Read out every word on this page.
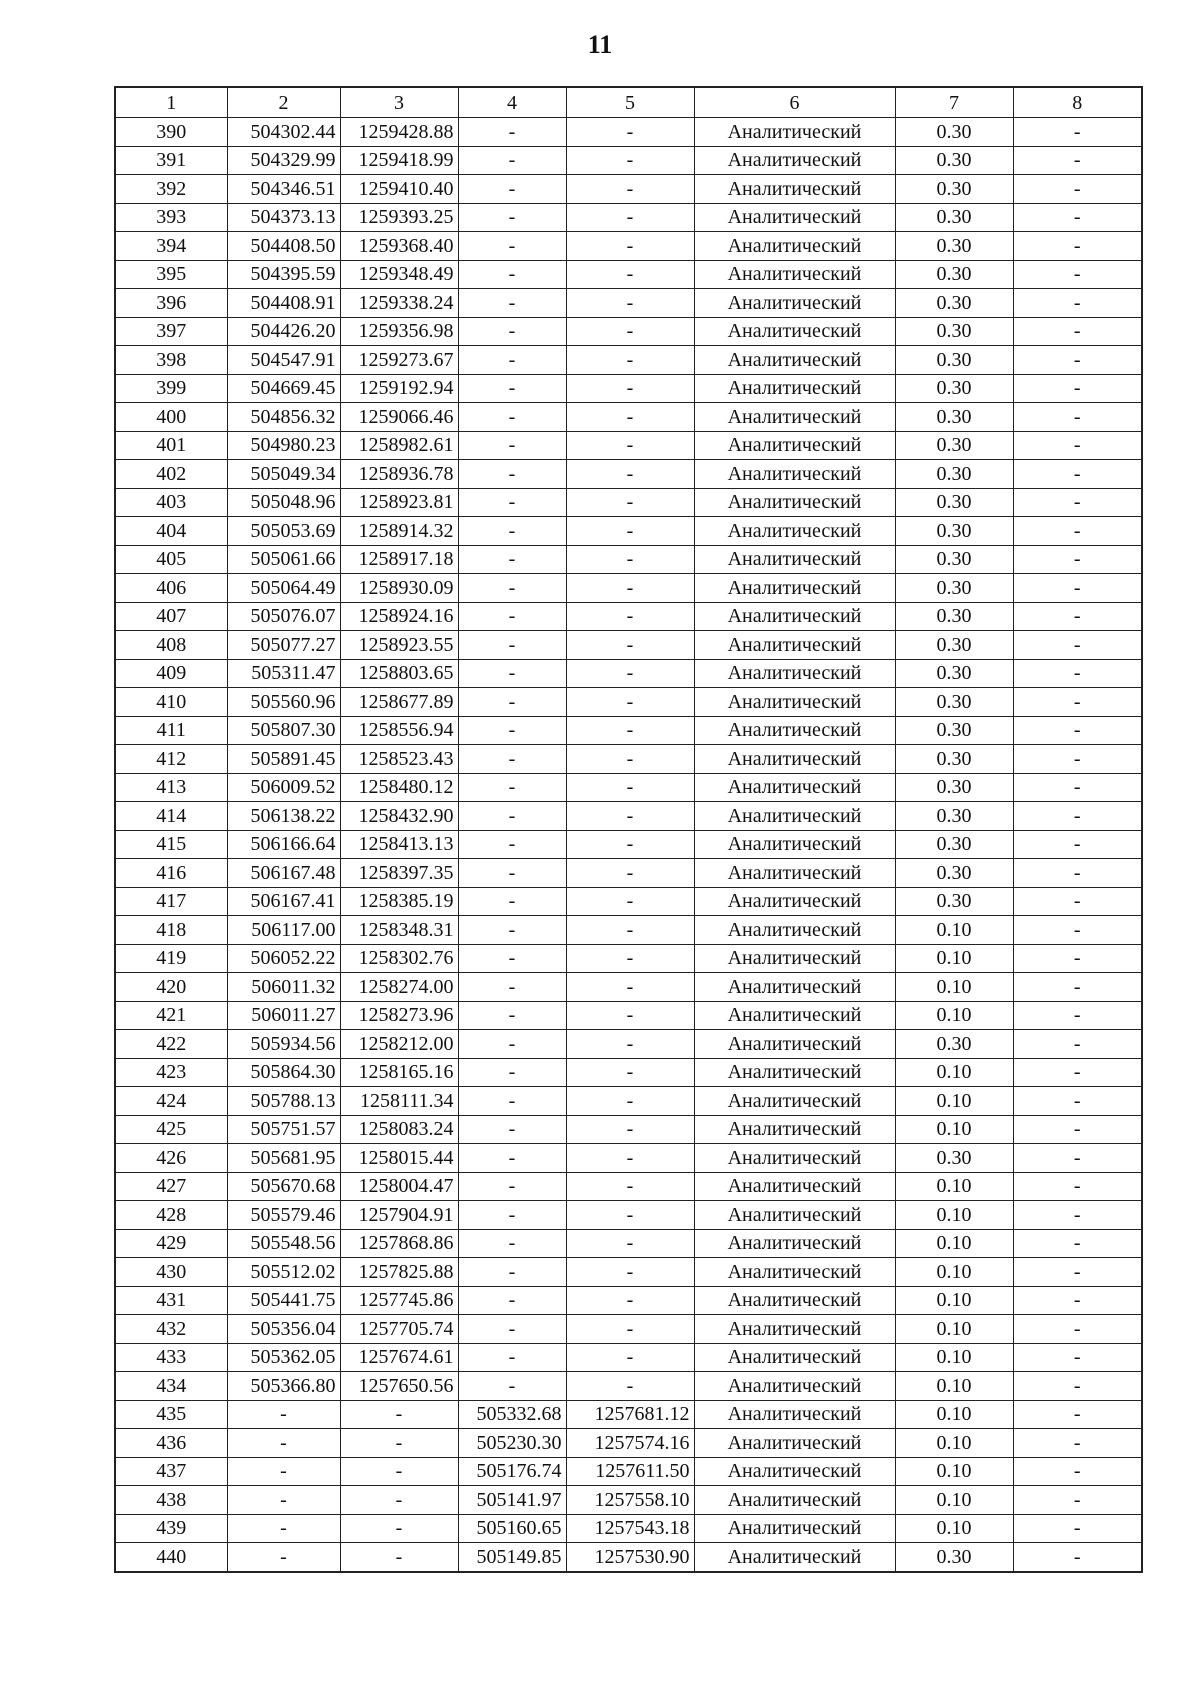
11
1	2	3	4	5	6	7	8
390	504302.44	1259428.88	-	-	Аналитический	0.30	-
391	504329.99	1259418.99	-	-	Аналитический	0.30	-
392	504346.51	1259410.40	-	-	Аналитический	0.30	-
393	504373.13	1259393.25	-	-	Аналитический	0.30	-
394	504408.50	1259368.40	-	-	Аналитический	0.30	-
395	504395.59	1259348.49	-	-	Аналитический	0.30	-
396	504408.91	1259338.24	-	-	Аналитический	0.30	-
397	504426.20	1259356.98	-	-	Аналитический	0.30	-
398	504547.91	1259273.67	-	-	Аналитический	0.30	-
399	504669.45	1259192.94	-	-	Аналитический	0.30	-
400	504856.32	1259066.46	-	-	Аналитический	0.30	-
401	504980.23	1258982.61	-	-	Аналитический	0.30	-
402	505049.34	1258936.78	-	-	Аналитический	0.30	-
403	505048.96	1258923.81	-	-	Аналитический	0.30	-
404	505053.69	1258914.32	-	-	Аналитический	0.30	-
405	505061.66	1258917.18	-	-	Аналитический	0.30	-
406	505064.49	1258930.09	-	-	Аналитический	0.30	-
407	505076.07	1258924.16	-	-	Аналитический	0.30	-
408	505077.27	1258923.55	-	-	Аналитический	0.30	-
409	505311.47	1258803.65	-	-	Аналитический	0.30	-
410	505560.96	1258677.89	-	-	Аналитический	0.30	-
411	505807.30	1258556.94	-	-	Аналитический	0.30	-
412	505891.45	1258523.43	-	-	Аналитический	0.30	-
413	506009.52	1258480.12	-	-	Аналитический	0.30	-
414	506138.22	1258432.90	-	-	Аналитический	0.30	-
415	506166.64	1258413.13	-	-	Аналитический	0.30	-
416	506167.48	1258397.35	-	-	Аналитический	0.30	-
417	506167.41	1258385.19	-	-	Аналитический	0.30	-
418	506117.00	1258348.31	-	-	Аналитический	0.10	-
419	506052.22	1258302.76	-	-	Аналитический	0.10	-
420	506011.32	1258274.00	-	-	Аналитический	0.10	-
421	506011.27	1258273.96	-	-	Аналитический	0.10	-
422	505934.56	1258212.00	-	-	Аналитический	0.30	-
423	505864.30	1258165.16	-	-	Аналитический	0.10	-
424	505788.13	1258111.34	-	-	Аналитический	0.10	-
425	505751.57	1258083.24	-	-	Аналитический	0.10	-
426	505681.95	1258015.44	-	-	Аналитический	0.30	-
427	505670.68	1258004.47	-	-	Аналитический	0.10	-
428	505579.46	1257904.91	-	-	Аналитический	0.10	-
429	505548.56	1257868.86	-	-	Аналитический	0.10	-
430	505512.02	1257825.88	-	-	Аналитический	0.10	-
431	505441.75	1257745.86	-	-	Аналитический	0.10	-
432	505356.04	1257705.74	-	-	Аналитический	0.10	-
433	505362.05	1257674.61	-	-	Аналитический	0.10	-
434	505366.80	1257650.56	-	-	Аналитический	0.10	-
435	-	-	505332.68	1257681.12	Аналитический	0.10	-
436	-	-	505230.30	1257574.16	Аналитический	0.10	-
437	-	-	505176.74	1257611.50	Аналитический	0.10	-
438	-	-	505141.97	1257558.10	Аналитический	0.10	-
439	-	-	505160.65	1257543.18	Аналитический	0.10	-
440	-	-	505149.85	1257530.90	Аналитический	0.30	-
